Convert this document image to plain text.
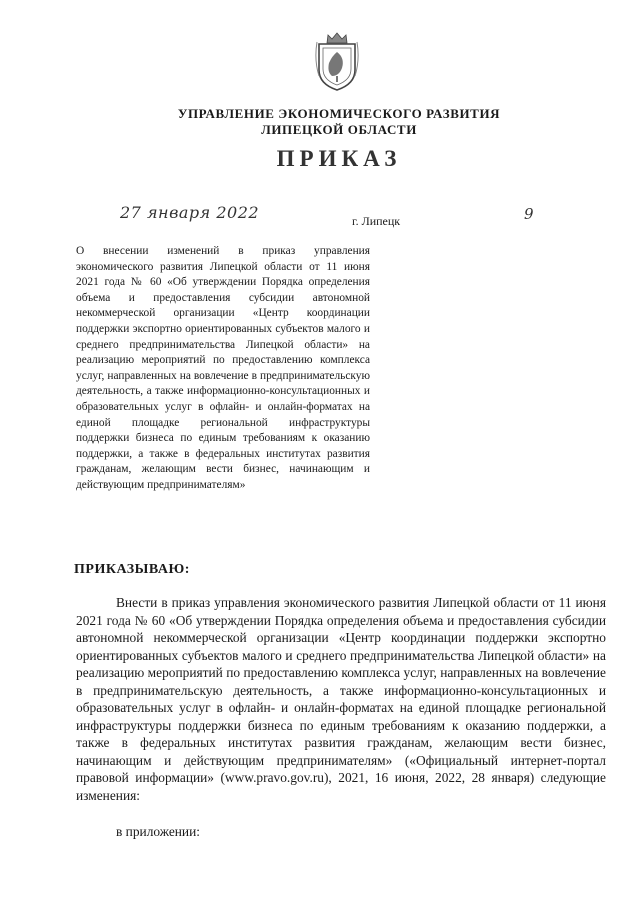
УПРАВЛЕНИЕ ЭКОНОМИЧЕСКОГО РАЗВИТИЯ
ЛИПЕЦКОЙ ОБЛАСТИ
ПРИКАЗ
27 января 2022	г. Липецк	9
О внесении изменений в приказ управления экономического развития Липецкой области от 11 июня 2021 года № 60 «Об утверждении Порядка определения объема и предоставления субсидии автономной некоммерческой организации «Центр координации поддержки экспортно ориентированных субъектов малого и среднего предпринимательства Липецкой области» на реализацию мероприятий по предоставлению комплекса услуг, направленных на вовлечение в предпринимательскую деятельность, а также информационно-консультационных и образовательных услуг в офлайн- и онлайн-форматах на единой площадке региональной инфраструктуры поддержки бизнеса по единым требованиям к оказанию поддержки, а также в федеральных институтах развития гражданам, желающим вести бизнес, начинающим и действующим предпринимателям»
ПРИКАЗЫВАЮ:
Внести в приказ управления экономического развития Липецкой области от 11 июня 2021 года № 60 «Об утверждении Порядка определения объема и предоставления субсидии автономной некоммерческой организации «Центр координации поддержки экспортно ориентированных субъектов малого и среднего предпринимательства Липецкой области» на реализацию мероприятий по предоставлению комплекса услуг, направленных на вовлечение в предпринимательскую деятельность, а также информационно-консультационных и образовательных услуг в офлайн- и онлайн-форматах на единой площадке региональной инфраструктуры поддержки бизнеса по единым требованиям к оказанию поддержки, а также в федеральных институтах развития гражданам, желающим вести бизнес, начинающим и действующим предпринимателям» («Официальный интернет-портал правовой информации» (www.pravo.gov.ru), 2021, 16 июня, 2022, 28 января) следующие изменения:
в приложении:
